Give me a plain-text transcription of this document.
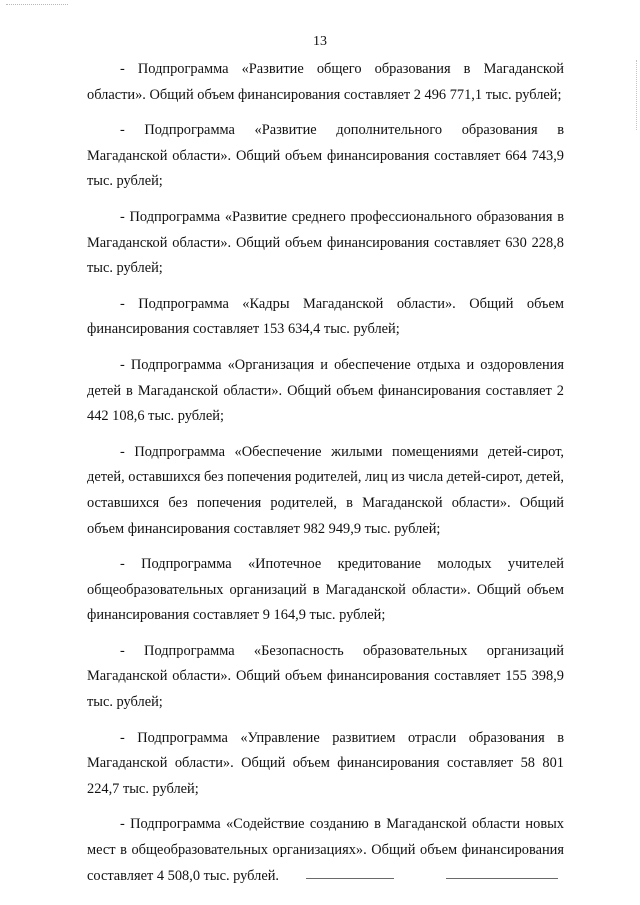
13

- Подпрограмма «Развитие общего образования в Магаданской области». Общий объем финансирования составляет 2 496 771,1 тыс. рублей;

- Подпрограмма «Развитие дополнительного образования в Магаданской области». Общий объем финансирования составляет 664 743,9 тыс. рублей;

- Подпрограмма «Развитие среднего профессионального образования в Магаданской области». Общий объем финансирования составляет 630 228,8 тыс. рублей;

- Подпрограмма «Кадры Магаданской области». Общий объем финансирования составляет 153 634,4 тыс. рублей;

- Подпрограмма «Организация и обеспечение отдыха и оздоровления детей в Магаданской области». Общий объем финансирования составляет 2 442 108,6 тыс. рублей;

- Подпрограмма «Обеспечение жилыми помещениями детей-сирот, детей, оставшихся без попечения родителей, лиц из числа детей-сирот, детей, оставшихся без попечения родителей, в Магаданской области». Общий объем финансирования составляет 982 949,9 тыс. рублей;

- Подпрограмма «Ипотечное кредитование молодых учителей общеобразовательных организаций в Магаданской области». Общий объем финансирования составляет 9 164,9 тыс. рублей;

- Подпрограмма «Безопасность образовательных организаций Магаданской области». Общий объем финансирования составляет 155 398,9 тыс. рублей;

- Подпрограмма «Управление развитием отрасли образования в Магаданской области». Общий объем финансирования составляет 58 801 224,7 тыс. рублей;

- Подпрограмма «Содействие созданию в Магаданской области новых мест в общеобразовательных организациях». Общий объем финансирования составляет 4 508,0 тыс. рублей.
